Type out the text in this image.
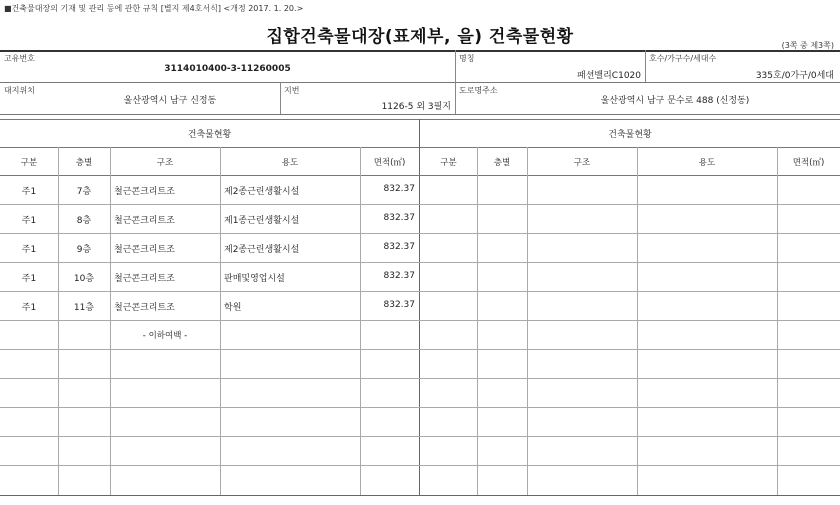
■건축물대장의 기재 및 관리 등에 관한 규칙 [별지 제4호서식] <개정 2017. 1. 20.>
집합건축물대장(표제부, 을) 건축물현황	(3쪽 중 제3쪽)
고유번호
3114010400-3-11260005
명칭
패션밸리C1020
호수/가구수/세대수
335호/0가구/0세대
대지위치
울산광역시 남구 신정동
지번
1126-5 외 3필지
도로명주소
울산광역시 남구 문수로 488 (신정동)
건축물현황	건축물현황
구분	층별	구조	용도	면적(㎡)	구분	층별	구조	용도	면적(㎡)
주1	7층	철근콘크리트조	제2종근린생활시설	832.37
주1	8층	철근콘크리트조	제1종근린생활시설	832.37
주1	9층	철근콘크리트조	제2종근린생활시설	832.37
주1	10층	철근콘크리트조	판매및영업시설	832.37
주1	11층	철근콘크리트조	학원	832.37
- 이하여백 -
